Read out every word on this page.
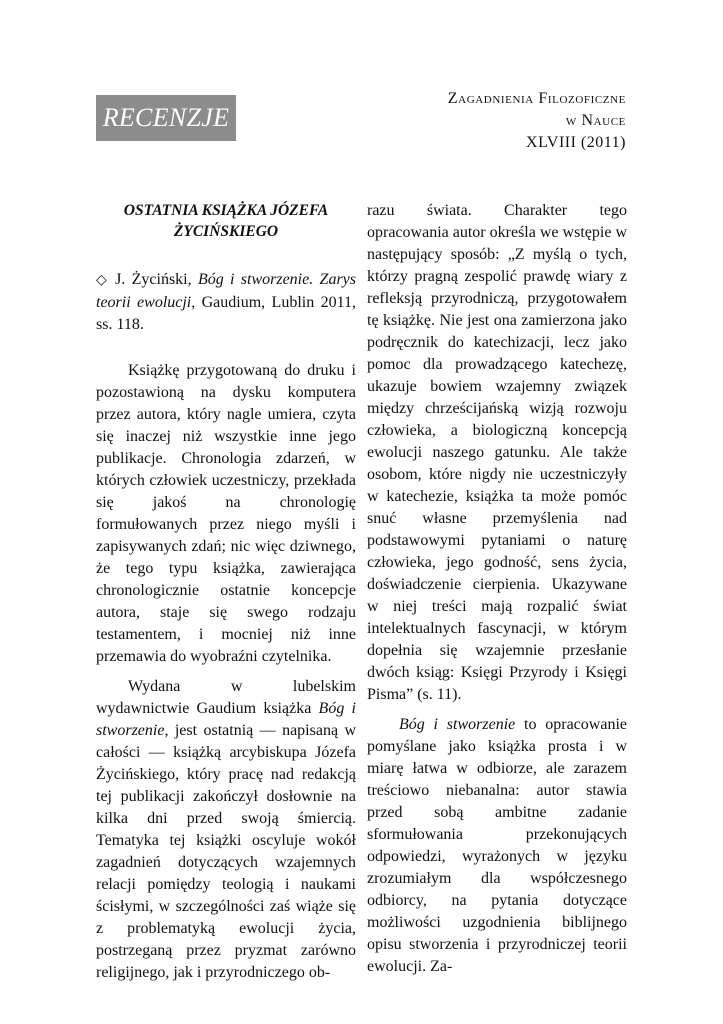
RECENZJE
Zagadnienia Filozoficzne
w Nauce
XLVIII (2011)
OSTATNIA KSIĄŻKA JÓZEFA
ŻYCIŃSKIEGO
◇ J. Życiński, Bóg i stworzenie. Zarys teorii ewolucji, Gaudium, Lublin 2011, ss. 118.

Książkę przygotowaną do druku i pozostawioną na dysku komputera przez autora, który nagle umiera, czyta się inaczej niż wszystkie inne jego publikacje. Chronologia zdarzeń, w których człowiek uczestniczy, przekłada się jakoś na chronologię formułowanych przez niego myśli i zapisywanych zdań; nic więc dziwnego, że tego typu książka, zawierająca chronologicznie ostatnie koncepcje autora, staje się swego rodzaju testamentem, i mocniej niż inne przemawia do wyobraźni czytelnika.

Wydana w lubelskim wydawnictwie Gaudium książka Bóg i stworzenie, jest ostatnią — napisaną w całości — książką arcybiskupa Józefa Życińskiego, który pracę nad redakcją tej publikacji zakończył dosłownie na kilka dni przed swoją śmiercią. Tematyka tej książki oscyluje wokół zagadnień dotyczących wzajemnych relacji pomiędzy teologią i naukami ścisłymi, w szczególności zaś wiąże się z problematyką ewolucji życia, postrzeganą przez pryzmat zarówno religijnego, jak i przyrodniczego ob-

razu świata. Charakter tego opracowania autor określa we wstępie w następujący sposób: „Z myślą o tych, którzy pragną zespolić prawdę wiary z refleksją przyrodniczą, przygotowałem tę książkę. Nie jest ona zamierzona jako podręcznik do katechizacji, lecz jako pomoc dla prowadzącego katechezę, ukazuje bowiem wzajemny związek między chrześcijańską wizją rozwoju człowieka, a biologiczną koncepcją ewolucji naszego gatunku. Ale także osobom, które nigdy nie uczestniczyły w katechezie, książka ta może pomóc snuć własne przemyślenia nad podstawowymi pytaniami o naturę człowieka, jego godność, sens życia, doświadczenie cierpienia. Ukazywane w niej treści mają rozpalić świat intelektualnych fascynacji, w którym dopełnia się wzajemnie przesłanie dwóch ksiąg: Księgi Przyrody i Księgi Pisma” (s. 11).

Bóg i stworzenie to opracowanie pomyślane jako książka prosta i w miarę łatwa w odbiorze, ale zarazem treściowo niebanalna: autor stawia przed sobą ambitne zadanie sformułowania przekonujących odpowiedzi, wyrażonych w języku zrozumiałym dla współczesnego odbiorcy, na pytania dotyczące możliwości uzgodnienia biblijnego opisu stworzenia i przyrodniczej teorii ewolucji. Za-
